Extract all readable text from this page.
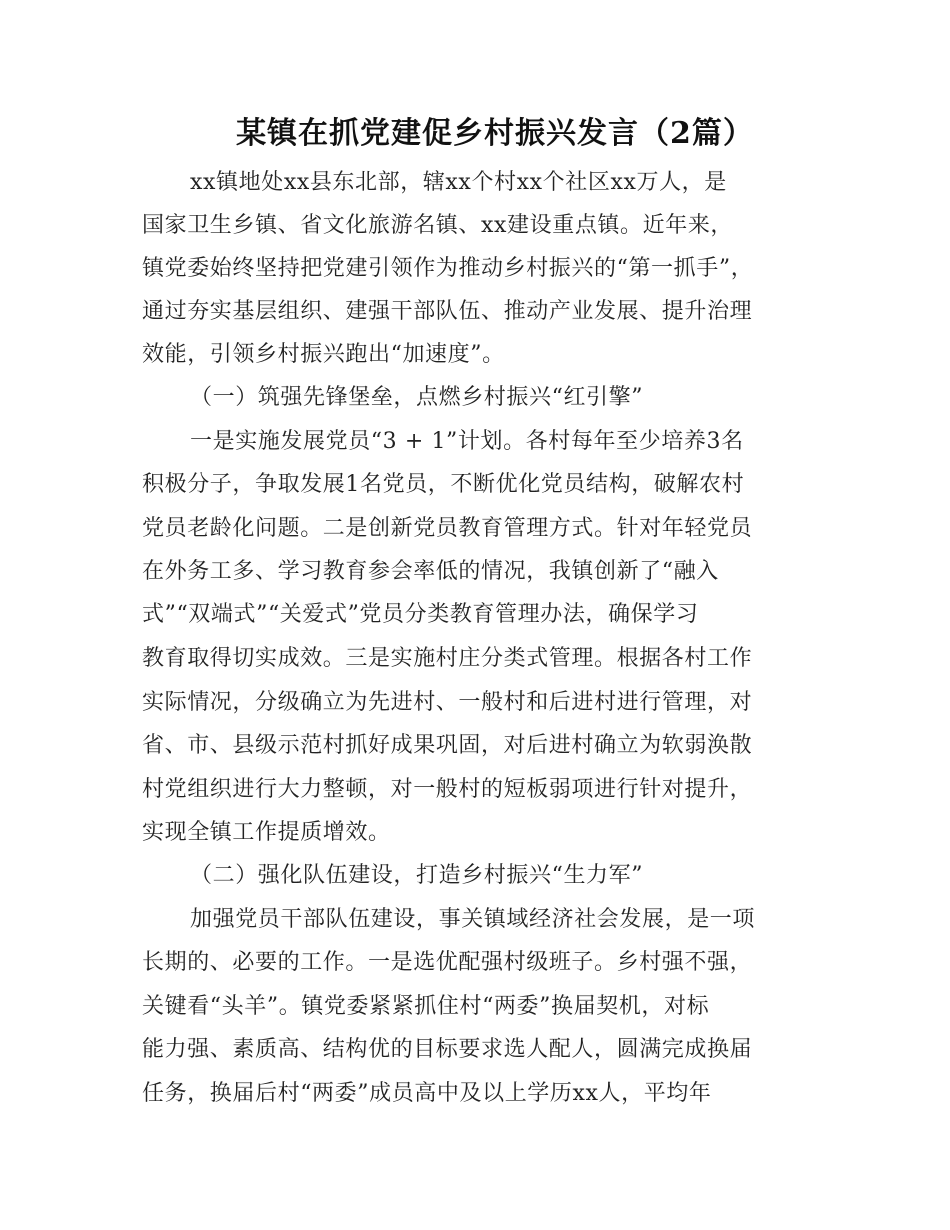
某镇在抓党建促乡村振兴发言（2篇）
xx镇地处xx县东北部，辖xx个村xx个社区xx万人，是
国家卫生乡镇、省文化旅游名镇、xx建设重点镇。近年来，
镇党委始终坚持把党建引领作为推动乡村振兴的“第一抓手”，
通过夯实基层组织、建强干部队伍、推动产业发展、提升治理
效能，引领乡村振兴跑出“加速度”。
（一）筑强先锋堡垒，点燃乡村振兴“红引擎”
一是实施发展党员“3 + 1”计划。各村每年至少培养3名
积极分子，争取发展1名党员，不断优化党员结构，破解农村
党员老龄化问题。二是创新党员教育管理方式。针对年轻党员
在外务工多、学习教育参会率低的情况，我镇创新了“融入
式”“双端式”“关爱式”党员分类教育管理办法，确保学习
教育取得切实成效。三是实施村庄分类式管理。根据各村工作
实际情况，分级确立为先进村、一般村和后进村进行管理，对
省、市、县级示范村抓好成果巩固，对后进村确立为软弱涣散
村党组织进行大力整顿，对一般村的短板弱项进行针对提升，
实现全镇工作提质增效。
（二）强化队伍建设，打造乡村振兴“生力军”
加强党员干部队伍建设，事关镇域经济社会发展，是一项
长期的、必要的工作。一是选优配强村级班子。乡村强不强，
关键看“头羊”。镇党委紧紧抓住村“两委”换届契机，对标
能力强、素质高、结构优的目标要求选人配人，圆满完成换届
任务，换届后村“两委”成员高中及以上学历xx人，平均年
